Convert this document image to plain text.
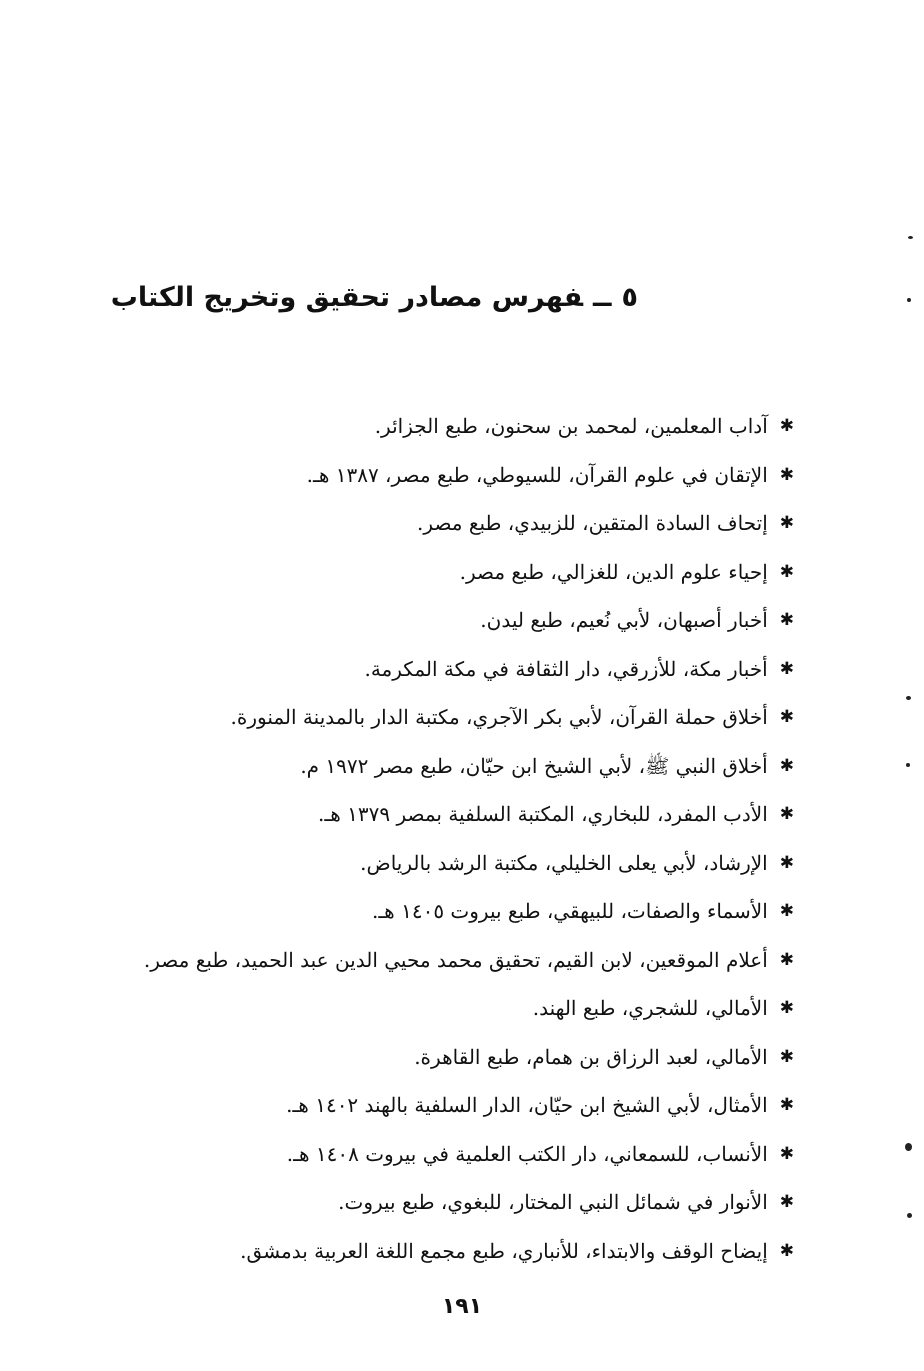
٥ــفهرس مصادر تحقيق وتخريج الكتاب
✱
آداب المعلمين، لمحمد بن سحنون، طبع الجزائر.
✱
الإتقان في علوم القرآن، للسيوطي، طبع مصر، ١٣٨٧ هـ.
✱
إتحاف السادة المتقين، للزبيدي، طبع مصر.
✱
إحياء علوم الدين، للغزالي، طبع مصر.
✱
أخبار أصبهان، لأبي نُعيم، طبع ليدن.
✱
أخبار مكة، للأزرقي، دار الثقافة في مكة المكرمة.
✱
أخلاق حملة القرآن، لأبي بكر الآجري، مكتبة الدار بالمدينة المنورة.
✱
أخلاق النبي ﷺ، لأبي الشيخ ابن حيّان، طبع مصر ١٩٧٢ م.
✱
الأدب المفرد، للبخاري، المكتبة السلفية بمصر ١٣٧٩ هـ.
✱
الإرشاد، لأبي يعلى الخليلي، مكتبة الرشد بالرياض.
✱
الأسماء والصفات، للبيهقي، طبع بيروت ١٤٠٥ هـ.
✱
أعلام الموقعين، لابن القيم، تحقيق محمد محيي الدين عبد الحميد، طبع مصر.
✱
الأمالي، للشجري، طبع الهند.
✱
الأمالي، لعبد الرزاق بن همام، طبع القاهرة.
✱
الأمثال، لأبي الشيخ ابن حيّان، الدار السلفية بالهند ١٤٠٢ هـ.
✱
الأنساب، للسمعاني، دار الكتب العلمية في بيروت ١٤٠٨ هـ.
✱
الأنوار في شمائل النبي المختار، للبغوي، طبع بيروت.
✱
إيضاح الوقف والابتداء، للأنباري، طبع مجمع اللغة العربية بدمشق.
١٩١
